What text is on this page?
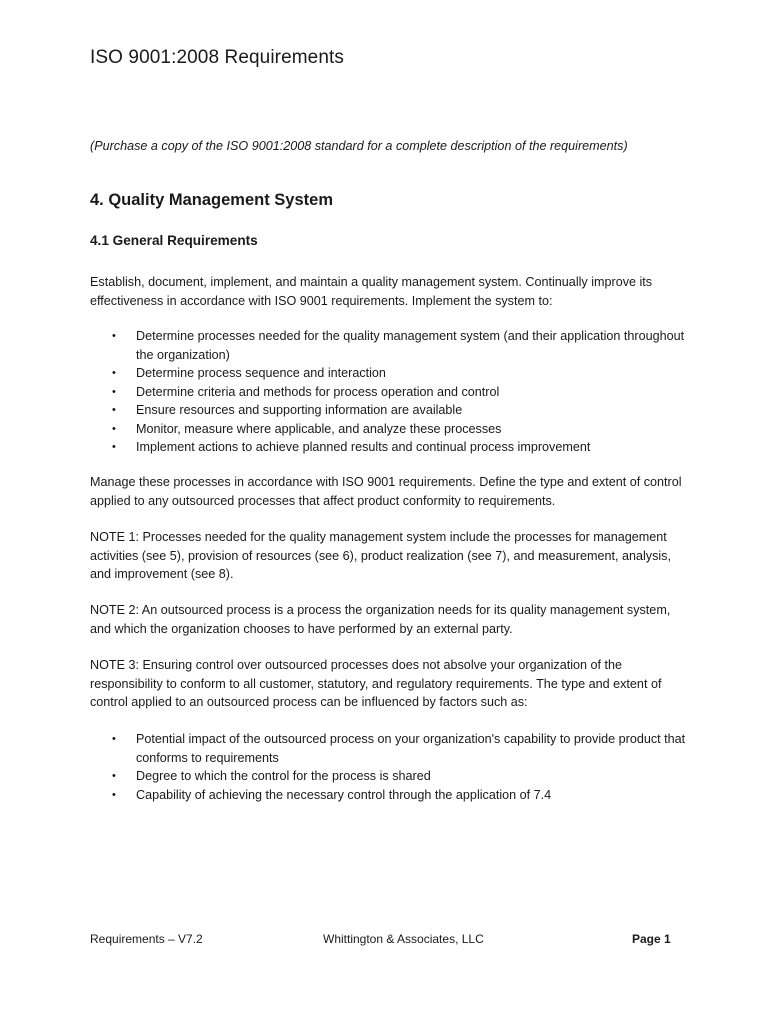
ISO 9001:2008 Requirements

(Purchase a copy of the ISO 9001:2008 standard for a complete description of the requirements)

4. Quality Management System
4.1 General Requirements

Establish, document, implement, and maintain a quality management system. Continually improve its effectiveness in accordance with ISO 9001 requirements. Implement the system to:

• Determine processes needed for the quality management system (and their application throughout the organization)
• Determine process sequence and interaction
• Determine criteria and methods for process operation and control
• Ensure resources and supporting information are available
• Monitor, measure where applicable, and analyze these processes
• Implement actions to achieve planned results and continual process improvement

Manage these processes in accordance with ISO 9001 requirements. Define the type and extent of control applied to any outsourced processes that affect product conformity to requirements.

NOTE 1: Processes needed for the quality management system include the processes for management activities (see 5), provision of resources (see 6), product realization (see 7), and measurement, analysis, and improvement (see 8).

NOTE 2: An outsourced process is a process the organization needs for its quality management system, and which the organization chooses to have performed by an external party.

NOTE 3: Ensuring control over outsourced processes does not absolve your organization of the responsibility to conform to all customer, statutory, and regulatory requirements. The type and extent of control applied to an outsourced process can be influenced by factors such as:

• Potential impact of the outsourced process on your organization's capability to provide product that conforms to requirements
• Degree to which the control for the process is shared
• Capability of achieving the necessary control through the application of 7.4

Requirements – V7.2	Whittington & Associates, LLC	Page 1
